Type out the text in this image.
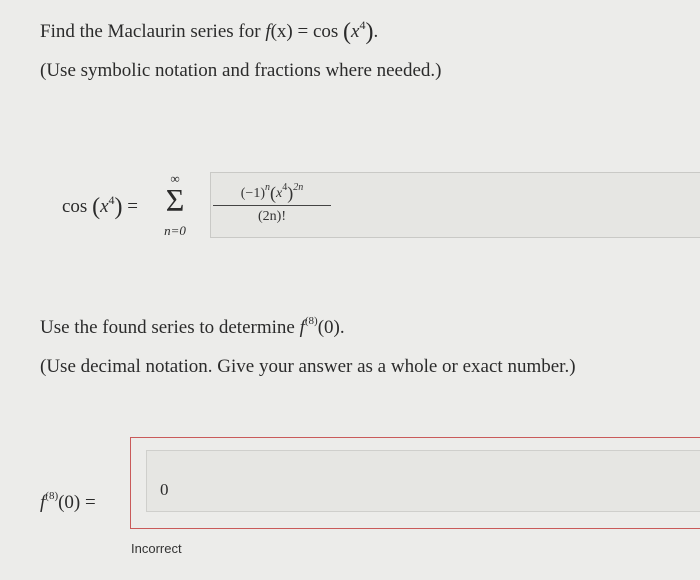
Find the Maclaurin series for $f(x) = \cos (x^4)$.
(Use symbolic notation and fractions where needed.)
$\cos (x^4)$ =
∞
Σ
n=0
$(-1)^n(x^4)^{2n}$
(2n)!
Use the found series to determine $f^{(8)}(0)$.
(Use decimal notation. Give your answer as a whole or exact number.)
$f^{(8)}(0)$ =
0
Incorrect
